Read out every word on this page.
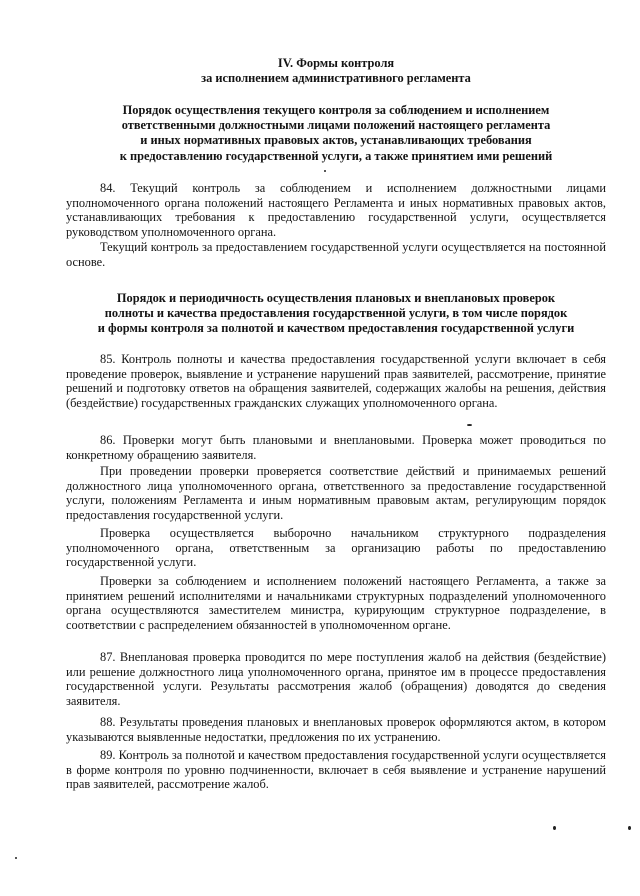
IV. Формы контроля
за исполнением административного регламента
Порядок осуществления текущего контроля за соблюдением и исполнением
ответственными должностными лицами положений настоящего регламента
и иных нормативных правовых актов, устанавливающих требования
к предоставлению государственной услуги, а также принятием ими решений

84. Текущий контроль за соблюдением и исполнением должностными лицами уполномоченного органа положений настоящего Регламента и иных нормативных правовых актов, устанавливающих требования к предоставлению государственной услуги, осуществляется руководством уполномоченного органа.

Текущий контроль за предоставлением государственной услуги осуществляется на постоянной основе.

Порядок и периодичность осуществления плановых и внеплановых проверок
полноты и качества предоставления государственной услуги, в том числе порядок
и формы контроля за полнотой и качеством предоставления государственной услуги

85. Контроль полноты и качества предоставления государственной услуги включает в себя проведение проверок, выявление и устранение нарушений прав заявителей, рассмотрение, принятие решений и подготовку ответов на обращения заявителей, содержащих жалобы на решения, действия (бездействие) государственных гражданских служащих уполномоченного органа.

86. Проверки могут быть плановыми и внеплановыми. Проверка может проводиться по конкретному обращению заявителя.

При проведении проверки проверяется соответствие действий и принимаемых решений должностного лица уполномоченного органа, ответственного за предоставление государственной услуги, положениям Регламента и иным нормативным правовым актам, регулирующим порядок предоставления государственной услуги.

Проверка осуществляется выборочно начальником структурного подразделения уполномоченного органа, ответственным за организацию работы по предоставлению государственной услуги.

Проверки за соблюдением и исполнением положений настоящего Регламента, а также за принятием решений исполнителями и начальниками структурных подразделений уполномоченного органа осуществляются заместителем министра, курирующим структурное подразделение, в соответствии с распределением обязанностей в уполномоченном органе.

87. Внеплановая проверка проводится по мере поступления жалоб на действия (бездействие) или решение должностного лица уполномоченного органа, принятое им в процессе предоставления государственной услуги. Результаты рассмотрения жалоб (обращения) доводятся до сведения заявителя.

88. Результаты проведения плановых и внеплановых проверок оформляются актом, в котором указываются выявленные недостатки, предложения по их устранению.

89. Контроль за полнотой и качеством предоставления государственной услуги осуществляется в форме контроля по уровню подчиненности, включает в себя выявление и устранение нарушений прав заявителей, рассмотрение жалоб.
